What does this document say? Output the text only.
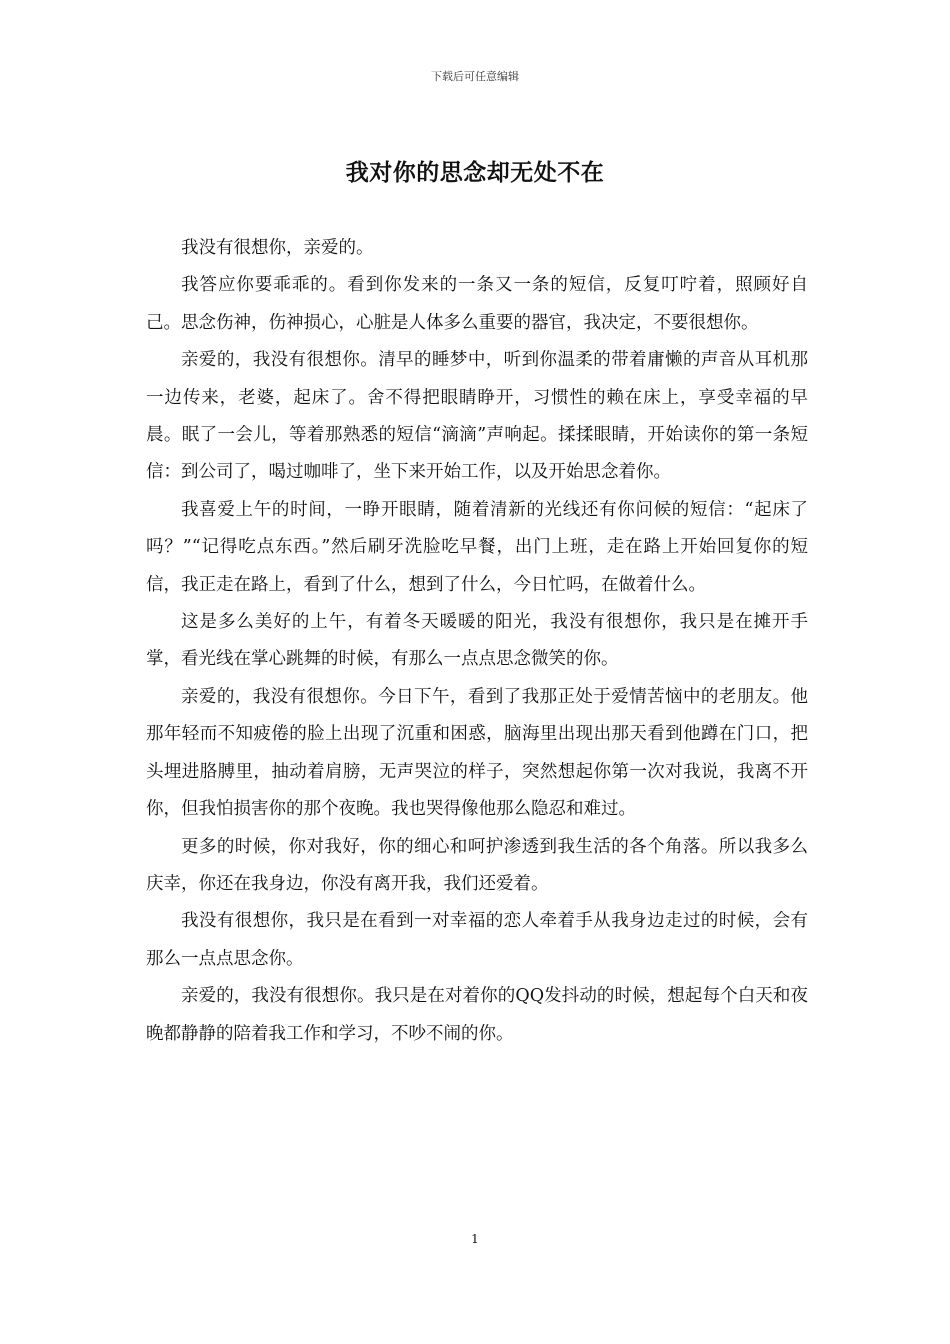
下载后可任意编辑
我对你的思念却无处不在

我没有很想你，亲爱的。

我答应你要乖乖的。看到你发来的一条又一条的短信，反复叮咛着，照顾好自己。思念伤神，伤神损心，心脏是人体多么重要的器官，我决定，不要很想你。

亲爱的，我没有很想你。清早的睡梦中，听到你温柔的带着庸懒的声音从耳机那一边传来，老婆，起床了。舍不得把眼睛睁开，习惯性的赖在床上，享受幸福的早晨。眠了一会儿，等着那熟悉的短信“滴滴”声响起。揉揉眼睛，开始读你的第一条短信：到公司了，喝过咖啡了，坐下来开始工作，以及开始思念着你。

我喜爱上午的时间，一睁开眼睛，随着清新的光线还有你问候的短信：“起床了吗？”“记得吃点东西。”然后刷牙洗脸吃早餐，出门上班，走在路上开始回复你的短信，我正走在路上，看到了什么，想到了什么，今日忙吗，在做着什么。

这是多么美好的上午，有着冬天暖暖的阳光，我没有很想你，我只是在摊开手掌，看光线在掌心跳舞的时候，有那么一点点思念微笑的你。

亲爱的，我没有很想你。今日下午，看到了我那正处于爱情苦恼中的老朋友。他那年轻而不知疲倦的脸上出现了沉重和困惑，脑海里出现出那天看到他蹲在门口，把头埋进胳膊里，抽动着肩膀，无声哭泣的样子，突然想起你第一次对我说，我离不开你，但我怕损害你的那个夜晚。我也哭得像他那么隐忍和难过。

更多的时候，你对我好，你的细心和呵护渗透到我生活的各个角落。所以我多么庆幸，你还在我身边，你没有离开我，我们还爱着。

我没有很想你，我只是在看到一对幸福的恋人牵着手从我身边走过的时候，会有那么一点点思念你。

亲爱的，我没有很想你。我只是在对着你的QQ发抖动的时候，想起每个白天和夜晚都静静的陪着我工作和学习，不吵不闹的你。

1
